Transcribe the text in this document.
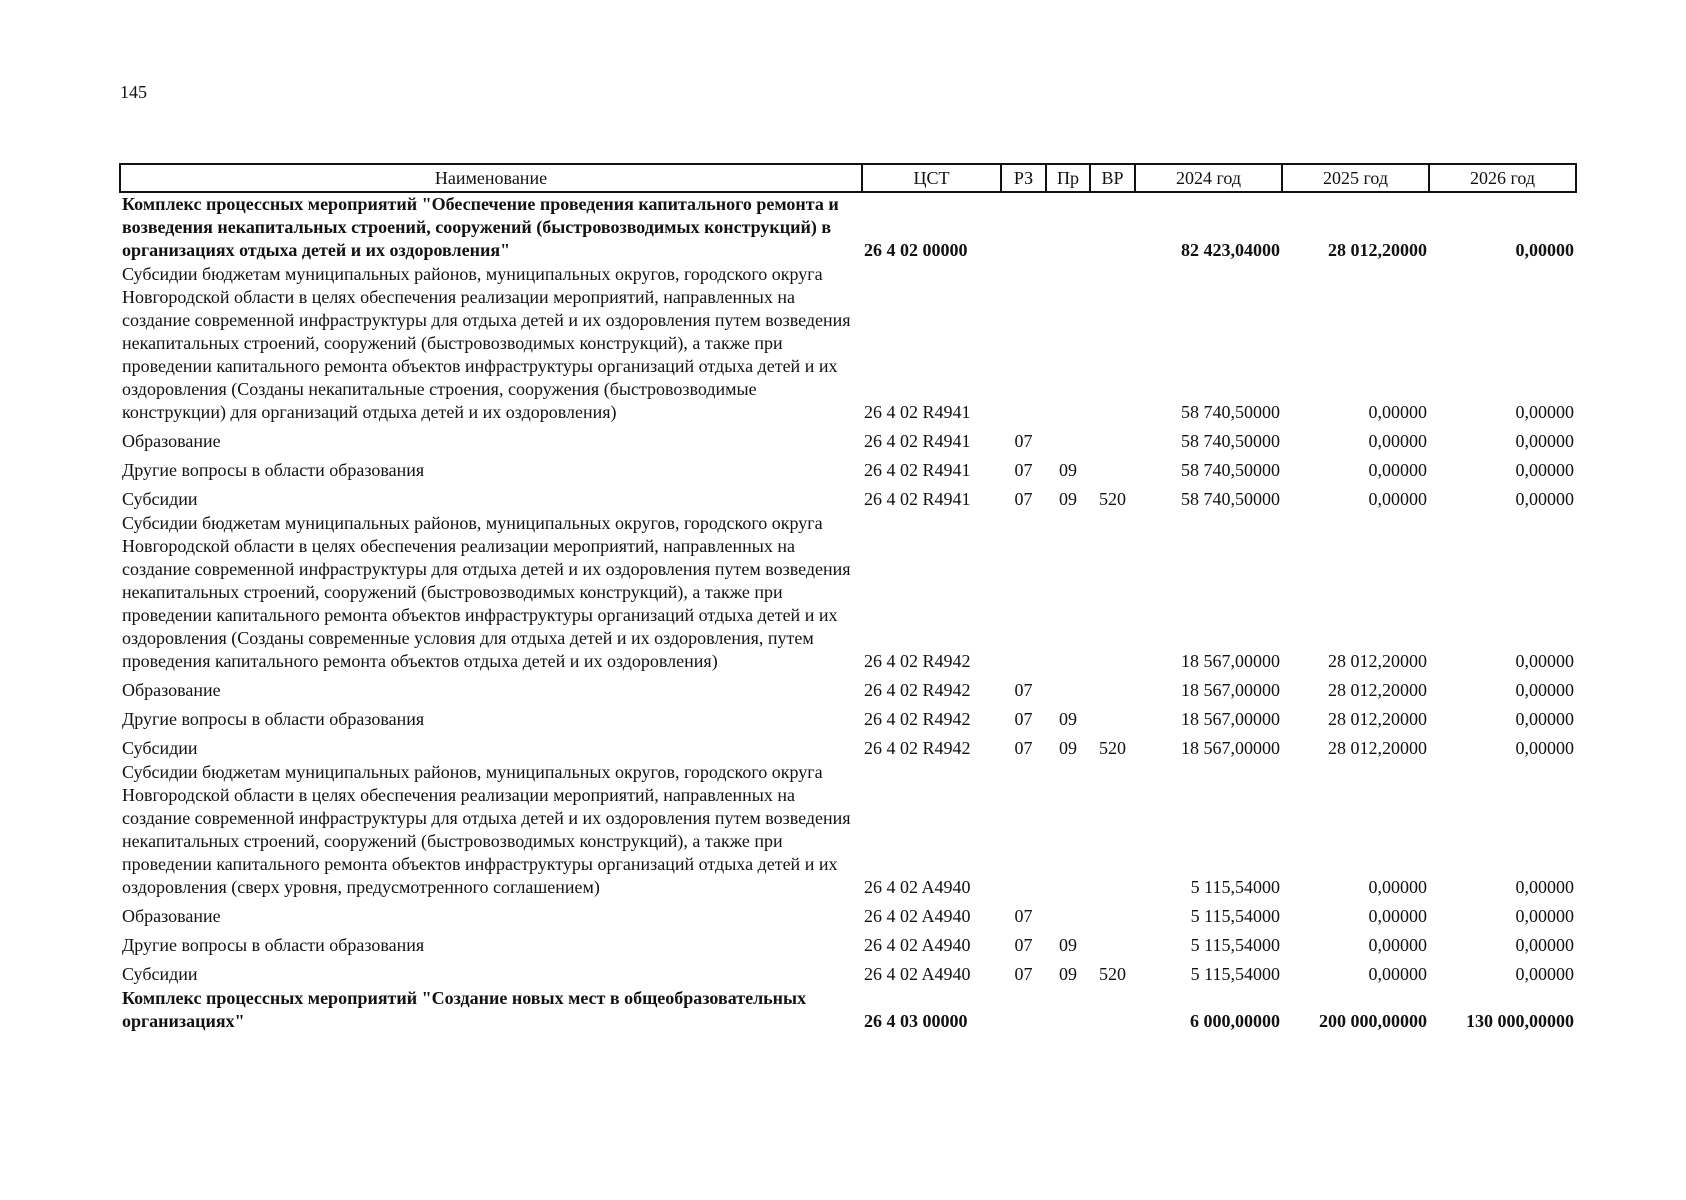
145
Наименование	ЦСТ	РЗ	Пр	ВР	2024 год	2025 год	2026 год
Комплекс процессных мероприятий "Обеспечение проведения капитального ремонта и возведения некапитальных строений, сооружений (быстровозводимых конструкций) в организациях отдыха детей и их оздоровления"	26 4 02 00000				82 423,04000	28 012,20000	0,00000
Субсидии бюджетам муниципальных районов, муниципальных округов, городского округа Новгородской области в целях обеспечения реализации мероприятий, направленных на создание современной инфраструктуры для отдыха детей и их оздоровления путем возведения некапитальных строений, сооружений (быстровозводимых конструкций), а также при проведении капитального ремонта объектов инфраструктуры организаций отдыха детей и их оздоровления (Созданы некапитальные строения, сооружения (быстровозводимые конструкции) для организаций отдыха детей и их оздоровления)	26 4 02 R4941				58 740,50000	0,00000	0,00000
Образование	26 4 02 R4941	07			58 740,50000	0,00000	0,00000
Другие вопросы в области образования	26 4 02 R4941	07	09		58 740,50000	0,00000	0,00000
Субсидии	26 4 02 R4941	07	09	520	58 740,50000	0,00000	0,00000
Субсидии бюджетам муниципальных районов, муниципальных округов, городского округа Новгородской области в целях обеспечения реализации мероприятий, направленных на создание современной инфраструктуры для отдыха детей и их оздоровления путем возведения некапитальных строений, сооружений (быстровозводимых конструкций), а также при проведении капитального ремонта объектов инфраструктуры организаций отдыха детей и их оздоровления (Созданы современные условия для отдыха детей и их оздоровления, путем проведения капитального ремонта объектов отдыха детей и их оздоровления)	26 4 02 R4942				18 567,00000	28 012,20000	0,00000
Образование	26 4 02 R4942	07			18 567,00000	28 012,20000	0,00000
Другие вопросы в области образования	26 4 02 R4942	07	09		18 567,00000	28 012,20000	0,00000
Субсидии	26 4 02 R4942	07	09	520	18 567,00000	28 012,20000	0,00000
Субсидии бюджетам муниципальных районов, муниципальных округов, городского округа Новгородской области в целях обеспечения реализации мероприятий, направленных на создание современной инфраструктуры для отдыха детей и их оздоровления путем возведения некапитальных строений, сооружений (быстровозводимых конструкций), а также при проведении капитального ремонта объектов инфраструктуры организаций отдыха детей и их оздоровления (сверх уровня, предусмотренного соглашением)	26 4 02 A4940				5 115,54000	0,00000	0,00000
Образование	26 4 02 A4940	07			5 115,54000	0,00000	0,00000
Другие вопросы в области образования	26 4 02 A4940	07	09		5 115,54000	0,00000	0,00000
Субсидии	26 4 02 A4940	07	09	520	5 115,54000	0,00000	0,00000
Комплекс процессных мероприятий "Создание новых мест в общеобразовательных организациях"	26 4 03 00000				6 000,00000	200 000,00000	130 000,00000
